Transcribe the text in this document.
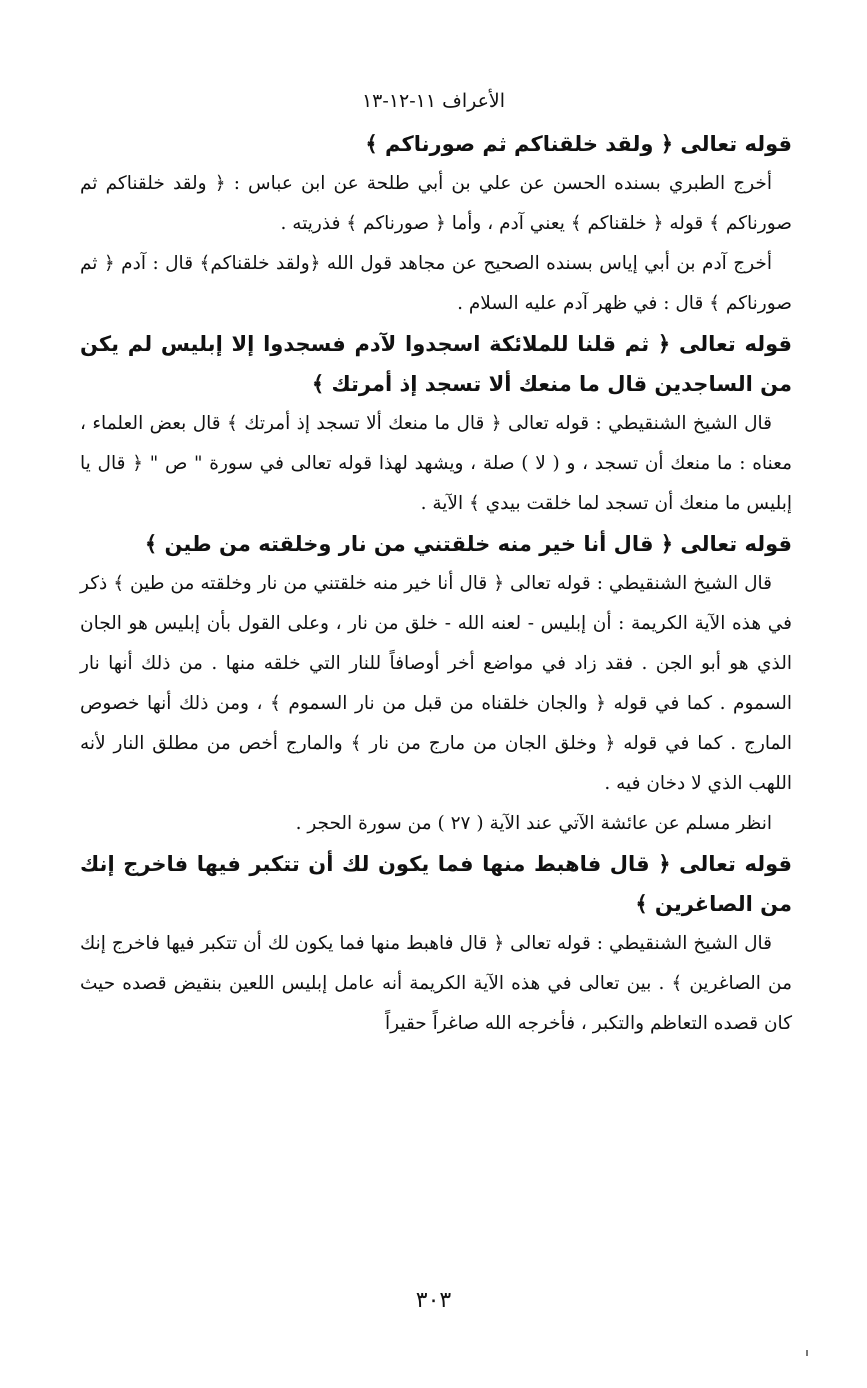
الأعراف ١١-١٢-١٣

قوله تعالى ﴿ ولقد خلقناكم ثم صورناكم ﴾

أخرج الطبري بسنده الحسن عن علي بن أبي طلحة عن ابن عباس : ﴿ ولقد خلقناكم ثم صورناكم ﴾ قوله ﴿ خلقناكم ﴾ يعني آدم ، وأما ﴿ صورناكم ﴾ فذريته .

أخرج آدم بن أبي إياس بسنده الصحيح عن مجاهد قول الله ﴿ولقد خلقناكم﴾ قال : آدم ﴿ ثم صورناكم ﴾ قال : في ظهر آدم عليه السلام .

قوله تعالى ﴿ ثم قلنا للملائكة اسجدوا لآدم فسجدوا إلا إبليس لم يكن من الساجدين قال ما منعك ألا تسجد إذ أمرتك ﴾

قال الشيخ الشنقيطي : قوله تعالى ﴿ قال ما منعك ألا تسجد إذ أمرتك ﴾ قال بعض العلماء ، معناه : ما منعك أن تسجد ، و ( لا ) صلة ، ويشهد لهذا قوله تعالى في سورة " ص " ﴿ قال يا إبليس ما منعك أن تسجد لما خلقت بيدي ﴾ الآية .

قوله تعالى ﴿ قال أنا خير منه خلقتني من نار وخلقته من طين ﴾

قال الشيخ الشنقيطي : قوله تعالى ﴿ قال أنا خير منه خلقتني من نار وخلقته من طين ﴾ ذكر في هذه الآية الكريمة : أن إبليس - لعنه الله - خلق من نار ، وعلى القول بأن إبليس هو الجان الذي هو أبو الجن . فقد زاد في مواضع أخر أوصافاً للنار التي خلقه منها . من ذلك أنها نار السموم . كما في قوله ﴿ والجان خلقناه من قبل من نار السموم ﴾ ، ومن ذلك أنها خصوص المارج . كما في قوله ﴿ وخلق الجان من مارج من نار ﴾ والمارج أخص من مطلق النار لأنه اللهب الذي لا دخان فيه .

انظر مسلم عن عائشة الآتي عند الآية ( ٢٧ ) من سورة الحجر .

قوله تعالى ﴿ قال فاهبط منها فما يكون لك أن تتكبر فيها فاخرج إنك من الصاغرين ﴾

قال الشيخ الشنقيطي : قوله تعالى ﴿ قال فاهبط منها فما يكون لك أن تتكبر فيها فاخرج إنك من الصاغرين ﴾ . بين تعالى في هذه الآية الكريمة أنه عامل إبليس اللعين بنقيض قصده حيث كان قصده التعاظم والتكبر ، فأخرجه الله صاغراً حقيراً

٣٠٣
